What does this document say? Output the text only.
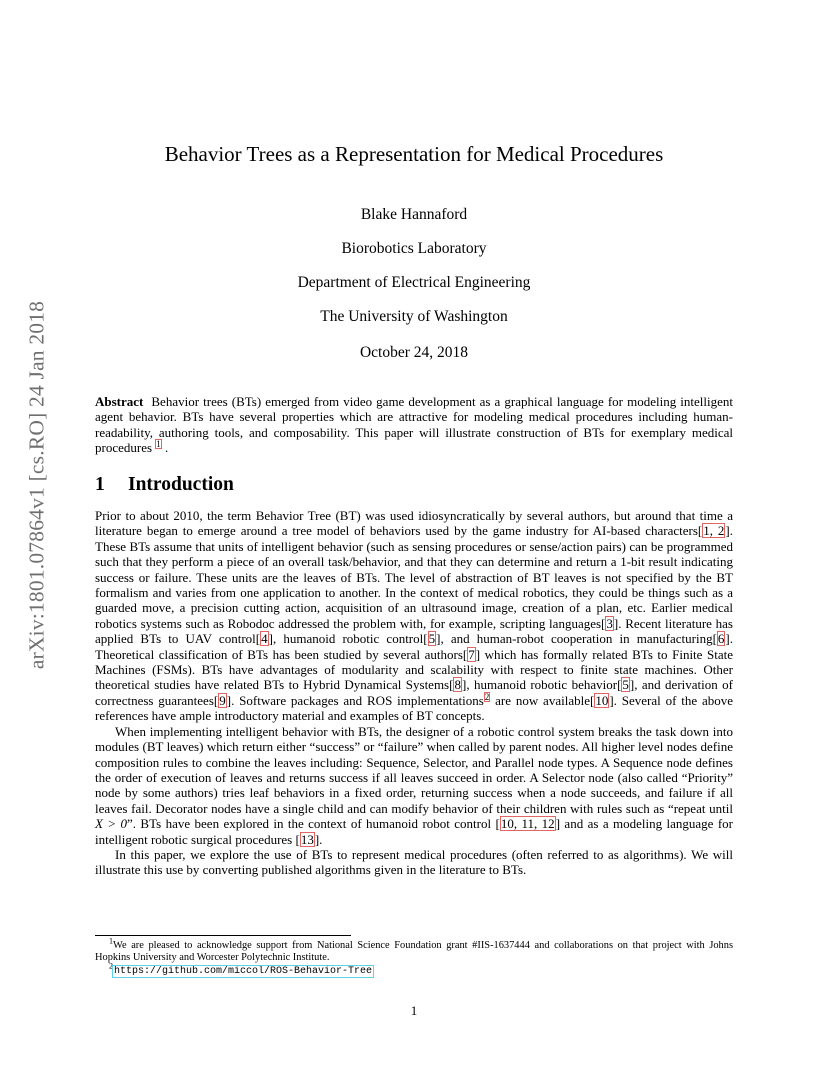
arXiv:1801.07864v1 [cs.RO] 24 Jan 2018
Behavior Trees as a Representation for Medical Procedures
Blake Hannaford
Biorobotics Laboratory
Department of Electrical Engineering
The University of Washington
October 24, 2018
Abstract Behavior trees (BTs) emerged from video game development as a graphical language for modeling intelligent agent behavior. BTs have several properties which are attractive for modeling medical procedures including human-readability, authoring tools, and composability. This paper will illustrate construction of BTs for exemplary medical procedures $^1$ .
1 Introduction

Prior to about 2010, the term Behavior Tree (BT) was used idiosyncratically by several authors, but around that time a literature began to emerge around a tree model of behaviors used by the game industry for AI-based characters[1, 2]. These BTs assume that units of intelligent behavior (such as sensing procedures or sense/action pairs) can be programmed such that they perform a piece of an overall task/behavior, and that they can determine and return a 1-bit result indicating success or failure. These units are the leaves of BTs. The level of abstraction of BT leaves is not specified by the BT formalism and varies from one application to another. In the context of medical robotics, they could be things such as a guarded move, a precision cutting action, acquisition of an ultrasound image, creation of a plan, etc. Earlier medical robotics systems such as Robodoc addressed the problem with, for example, scripting languages[3]. Recent literature has applied BTs to UAV control[4], humanoid robotic control[5], and human-robot cooperation in manufacturing[6]. Theoretical classification of BTs has been studied by several authors[7] which has formally related BTs to Finite State Machines (FSMs). BTs have advantages of modularity and scalability with respect to finite state machines. Other theoretical studies have related BTs to Hybrid Dynamical Systems[8], humanoid robotic behavior[5], and derivation of correctness guarantees[9]. Software packages and ROS implementations$^2$ are now available[10]. Several of the above references have ample introductory material and examples of BT concepts.

When implementing intelligent behavior with BTs, the designer of a robotic control system breaks the task down into modules (BT leaves) which return either “success” or “failure” when called by parent nodes. All higher level nodes define composition rules to combine the leaves including: Sequence, Selector, and Parallel node types. A Sequence node defines the order of execution of leaves and returns success if all leaves succeed in order. A Selector node (also called “Priority” node by some authors) tries leaf behaviors in a fixed order, returning success when a node succeeds, and failure if all leaves fail. Decorator nodes have a single child and can modify behavior of their children with rules such as “repeat until X > 0”. BTs have been explored in the context of humanoid robot control [10, 11, 12] and as a modeling language for intelligent robotic surgical procedures [13].

In this paper, we explore the use of BTs to represent medical procedures (often referred to as algorithms). We will illustrate this use by converting published algorithms given in the literature to BTs.

$^1$We are pleased to acknowledge support from National Science Foundation grant #IIS-1637444 and collaborations on that project with Johns Hopkins University and Worcester Polytechnic Institute.

$^2$https://github.com/miccol/ROS-Behavior-Tree

1
